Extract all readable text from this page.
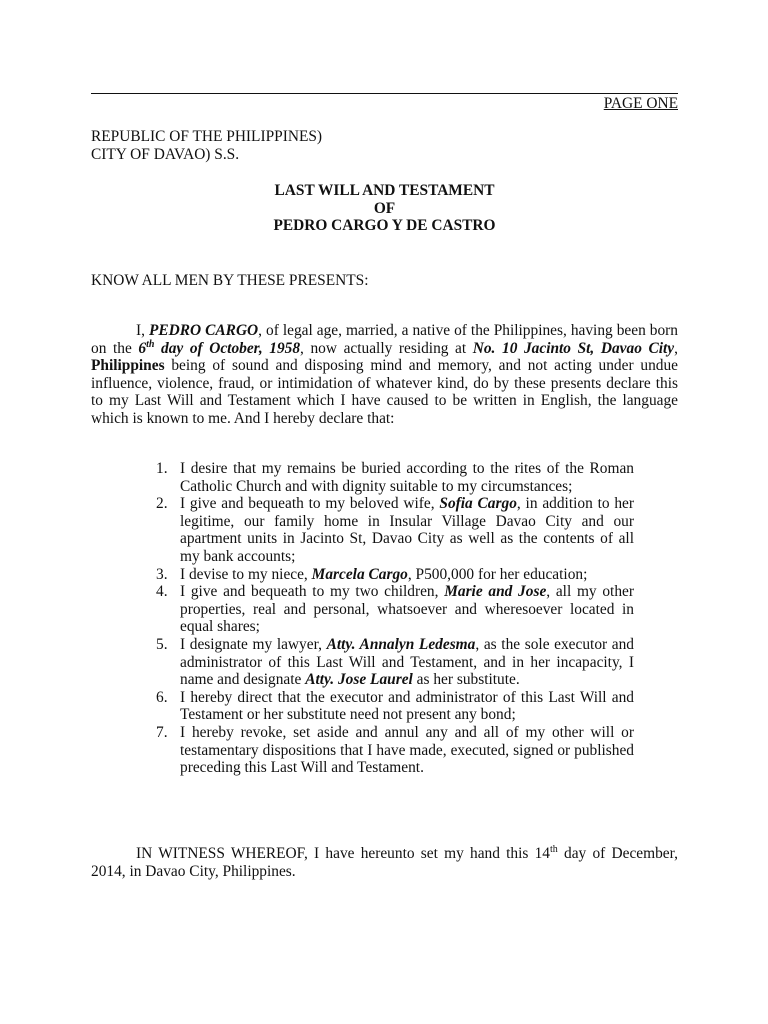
PAGE ONE
REPUBLIC OF THE PHILIPPINES)
CITY OF DAVAO) S.S.
LAST WILL AND TESTAMENT
OF
PEDRO CARGO Y DE CASTRO
KNOW ALL MEN BY THESE PRESENTS:
I, PEDRO CARGO, of legal age, married, a native of the Philippines, having been born on the 6th day of October, 1958, now actually residing at No. 10 Jacinto St, Davao City, Philippines being of sound and disposing mind and memory, and not acting under undue influence, violence, fraud, or intimidation of whatever kind, do by these presents declare this to my Last Will and Testament which I have caused to be written in English, the language which is known to me. And I hereby declare that:
1. I desire that my remains be buried according to the rites of the Roman Catholic Church and with dignity suitable to my circumstances;
2. I give and bequeath to my beloved wife, Sofia Cargo, in addition to her legitime, our family home in Insular Village Davao City and our apartment units in Jacinto St, Davao City as well as the contents of all my bank accounts;
3. I devise to my niece, Marcela Cargo, P500,000 for her education;
4. I give and bequeath to my two children, Marie and Jose, all my other properties, real and personal, whatsoever and wheresoever located in equal shares;
5. I designate my lawyer, Atty. Annalyn Ledesma, as the sole executor and administrator of this Last Will and Testament, and in her incapacity, I name and designate Atty. Jose Laurel as her substitute.
6. I hereby direct that the executor and administrator of this Last Will and Testament or her substitute need not present any bond;
7. I hereby revoke, set aside and annul any and all of my other will or testamentary dispositions that I have made, executed, signed or published preceding this Last Will and Testament.
IN WITNESS WHEREOF, I have hereunto set my hand this 14th day of December, 2014, in Davao City, Philippines.
